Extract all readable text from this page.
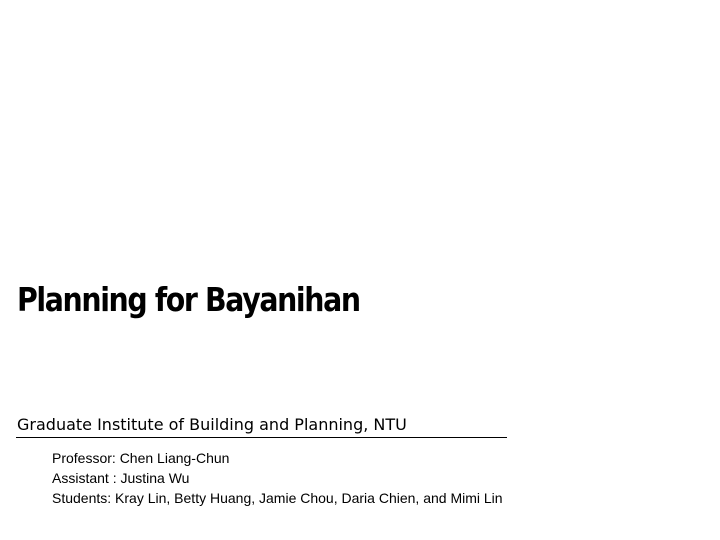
Planning for Bayanihan
Graduate Institute of Building and Planning, NTU
Professor: Chen Liang-Chun
Assistant : Justina Wu
Students: Kray Lin, Betty Huang, Jamie Chou, Daria Chien, and Mimi Lin
